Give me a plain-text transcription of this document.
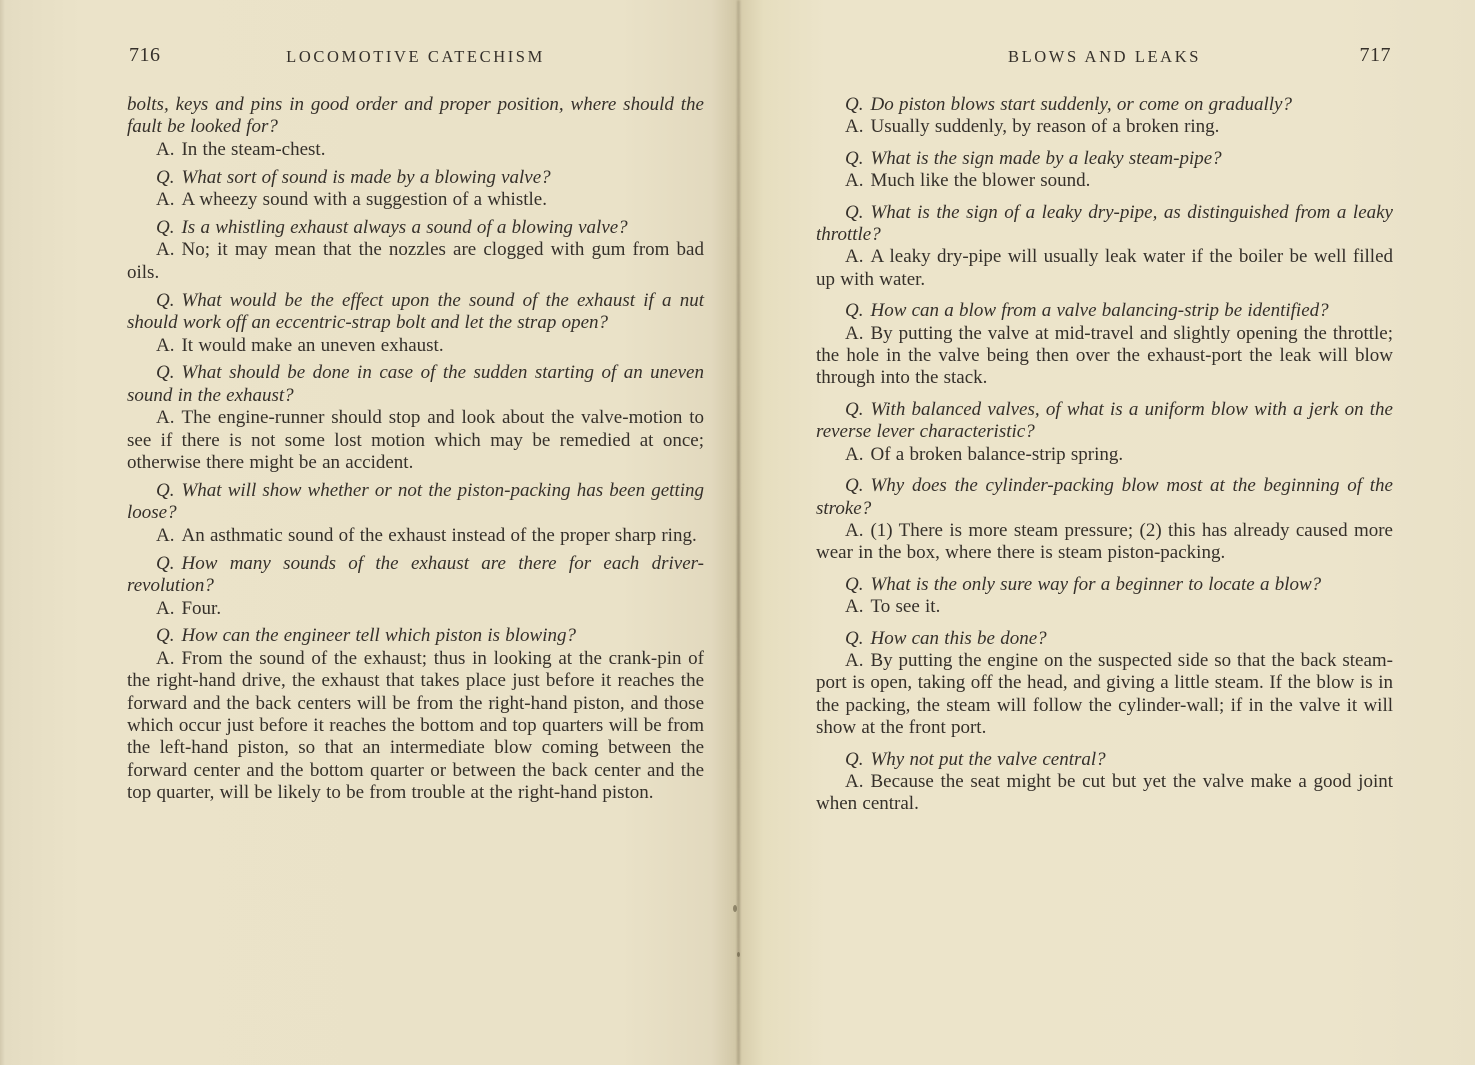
716	LOCOMOTIVE CATECHISM

bolts, keys and pins in good order and proper position, where should the fault be looked for?

A. In the steam-chest.

Q. What sort of sound is made by a blowing valve?

A. A wheezy sound with a suggestion of a whistle.

Q. Is a whistling exhaust always a sound of a blowing valve?

A. No; it may mean that the nozzles are clogged with gum from bad oils.

Q. What would be the effect upon the sound of the exhaust if a nut should work off an eccentric-strap bolt and let the strap open?

A. It would make an uneven exhaust.

Q. What should be done in case of the sudden starting of an uneven sound in the exhaust?

A. The engine-runner should stop and look about the valve-motion to see if there is not some lost motion which may be remedied at once; otherwise there might be an accident.

Q. What will show whether or not the piston-packing has been getting loose?

A. An asthmatic sound of the exhaust instead of the proper sharp ring.

Q. How many sounds of the exhaust are there for each driver-revolution?

A. Four.

Q. How can the engineer tell which piston is blowing?

A. From the sound of the exhaust; thus in looking at the crank-pin of the right-hand drive, the exhaust that takes place just before it reaches the forward and the back centers will be from the right-hand piston, and those which occur just before it reaches the bottom and top quarters will be from the left-hand piston, so that an intermediate blow coming between the forward center and the bottom quarter or between the back center and the top quarter, will be likely to be from trouble at the right-hand piston.

BLOWS AND LEAKS	717

Q. Do piston blows start suddenly, or come on gradually?

A. Usually suddenly, by reason of a broken ring.

Q. What is the sign made by a leaky steam-pipe?

A. Much like the blower sound.

Q. What is the sign of a leaky dry-pipe, as distinguished from a leaky throttle?

A. A leaky dry-pipe will usually leak water if the boiler be well filled up with water.

Q. How can a blow from a valve balancing-strip be identified?

A. By putting the valve at mid-travel and slightly opening the throttle; the hole in the valve being then over the exhaust-port the leak will blow through into the stack.

Q. With balanced valves, of what is a uniform blow with a jerk on the reverse lever characteristic?

A. Of a broken balance-strip spring.

Q. Why does the cylinder-packing blow most at the beginning of the stroke?

A. (1) There is more steam pressure; (2) this has already caused more wear in the box, where there is steam piston-packing.

Q. What is the only sure way for a beginner to locate a blow?

A. To see it.

Q. How can this be done?

A. By putting the engine on the suspected side so that the back steam-port is open, taking off the head, and giving a little steam. If the blow is in the packing, the steam will follow the cylinder-wall; if in the valve it will show at the front port.

Q. Why not put the valve central?

A. Because the seat might be cut but yet the valve make a good joint when central.
